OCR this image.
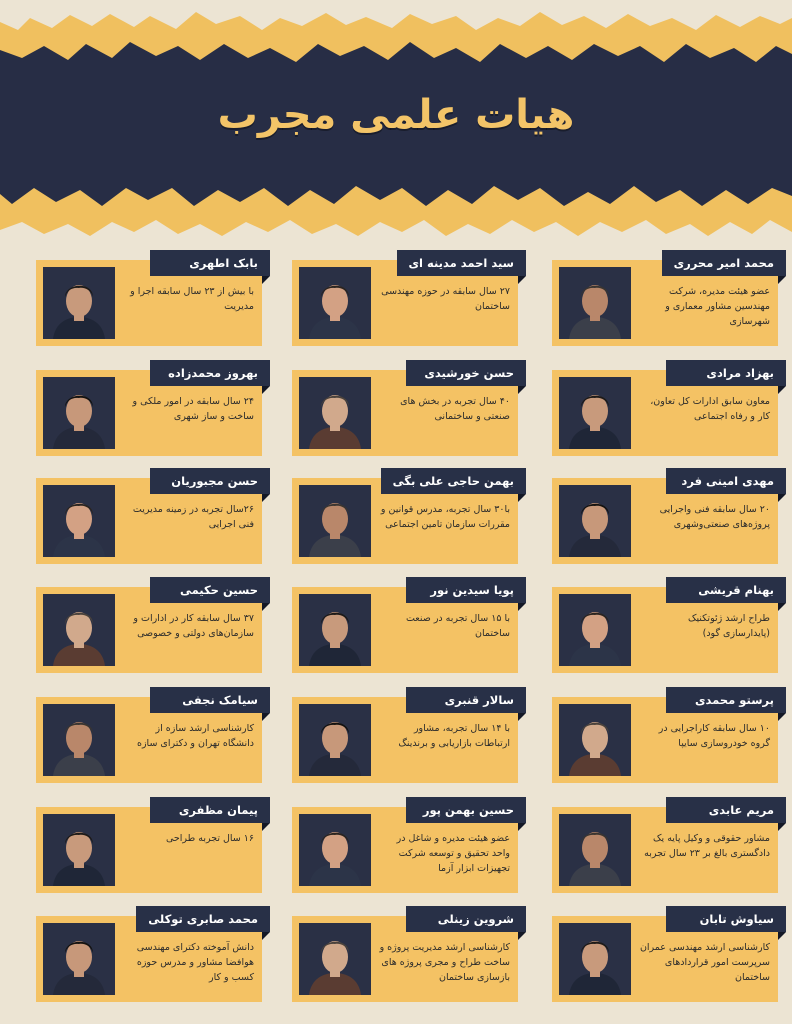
هیات علمی مجرب
بابک اطهری
با بیش از ۲۳ سال سابقه اجرا و مدیریت
سید احمد مدینه ای
۲۷ سال سابقه در حوزه مهندسی ساختمان
محمد امیر محرری
عضو هیئت مدیره، شرکت مهندسین مشاور معماری و شهرسازی
بهروز محمدزاده
۲۴ سال سابقه در امور ملکی و ساخت و ساز شهری
حسن خورشیدی
۴۰ سال تجربه در بخش های صنعتی و ساختمانی
بهزاد مرادی
معاون سابق ادارات کل تعاون، کار و رفاه اجتماعی
حسن مجبوریان
۲۶سال تجربه در زمینه مدیریت فنی اجرایی
بهمن حاجی علی بگی
با۳۰ سال تجربه، مدرس قوانین و مقررات سازمان تامین اجتماعی
مهدی امینی فرد
۲۰ سال سابقه فنی واجرایی پروژه‌های صنعتی‌وشهری
حسین حکیمی
۳۷ سال سابقه کار در ادارات و سازمان‌های دولتی و خصوصی
پویا سیدین نور
با ۱۵ سال تجربه در صنعت ساختمان
بهنام قریشی
طراح ارشد ژئوتکنیک (پایدارسازی گود)
سیامک نجفی
کارشناسی ارشد سازه از دانشگاه تهران و دکترای سازه
سالار قنبری
با ۱۴ سال تجربه، مشاور ارتباطات بازاریابی و برندینگ
پرستو محمدی
۱۰ سال سابقه کاراجرایی در گروه خودروسازی سایپا
پیمان مظفری
۱۶ سال تجربه طراحی
حسین بهمن پور
عضو هیئت مدیره و شاغل در واحد تحقیق و توسعه شرکت تجهیزات ابزار آزما
مریم عابدی
مشاور حقوقی و وکیل پایه یک دادگستری بالغ بر ۲۳ سال تجربه
محمد صابری توکلی
دانش آموخته دکترای مهندسی هوافضا مشاور و مدرس حوزه کسب و کار
شروین زینلی
کارشناسی ارشد مدیریت پروژه و ساخت طراح و مجری پروژه های بازسازی ساختمان
سیاوش تابان
کارشناسی ارشد مهندسی عمران سرپرست امور قراردادهای ساختمان
